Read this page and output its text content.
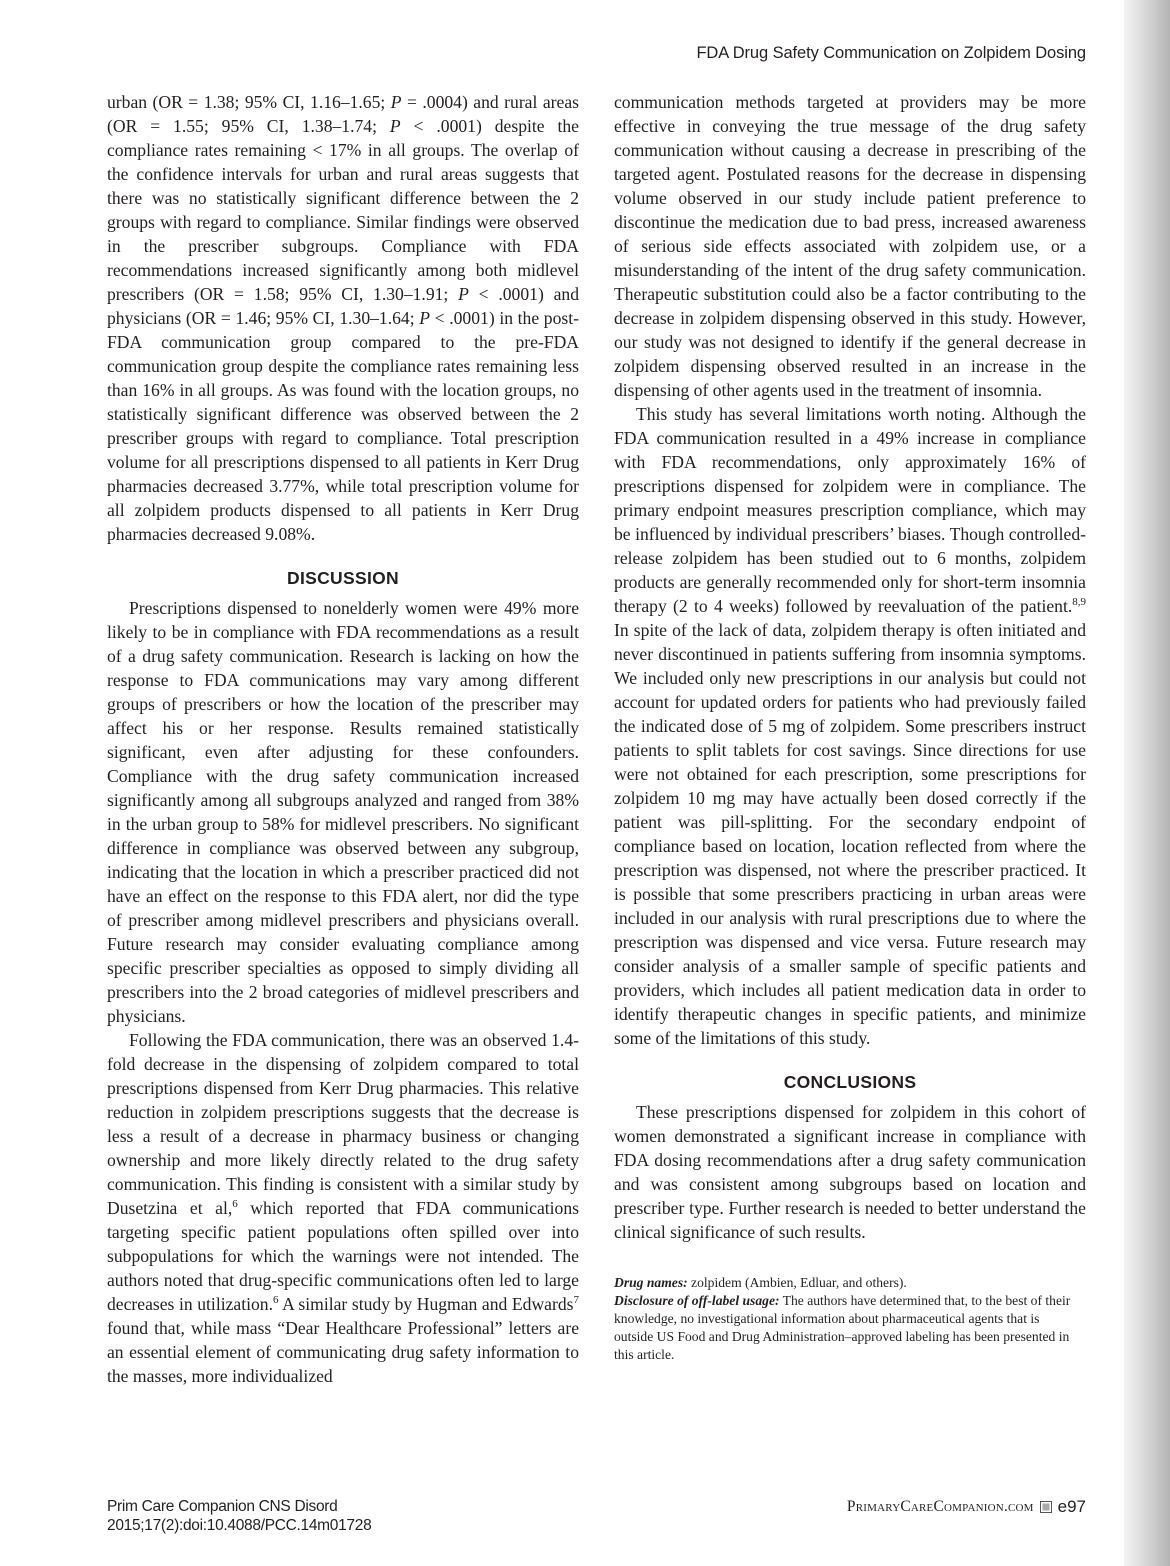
FDA Drug Safety Communication on Zolpidem Dosing

urban (OR = 1.38; 95% CI, 1.16–1.65; P = .0004) and rural areas (OR = 1.55; 95% CI, 1.38–1.74; P < .0001) despite the compliance rates remaining < 17% in all groups. The overlap of the confidence intervals for urban and rural areas suggests that there was no statistically significant difference between the 2 groups with regard to compliance. Similar findings were observed in the prescriber subgroups. Compliance with FDA recommendations increased significantly among both midlevel prescribers (OR = 1.58; 95% CI, 1.30–1.91; P < .0001) and physicians (OR = 1.46; 95% CI, 1.30–1.64; P < .0001) in the post-FDA communication group compared to the pre-FDA communication group despite the compliance rates remaining less than 16% in all groups. As was found with the location groups, no statistically significant difference was observed between the 2 prescriber groups with regard to compliance. Total prescription volume for all prescriptions dispensed to all patients in Kerr Drug pharmacies decreased 3.77%, while total prescription volume for all zolpidem products dispensed to all patients in Kerr Drug pharmacies decreased 9.08%.

DISCUSSION

Prescriptions dispensed to nonelderly women were 49% more likely to be in compliance with FDA recommendations as a result of a drug safety communication. Research is lacking on how the response to FDA communications may vary among different groups of prescribers or how the location of the prescriber may affect his or her response. Results remained statistically significant, even after adjusting for these confounders. Compliance with the drug safety communication increased significantly among all subgroups analyzed and ranged from 38% in the urban group to 58% for midlevel prescribers. No significant difference in compliance was observed between any subgroup, indicating that the location in which a prescriber practiced did not have an effect on the response to this FDA alert, nor did the type of prescriber among midlevel prescribers and physicians overall. Future research may consider evaluating compliance among specific prescriber specialties as opposed to simply dividing all prescribers into the 2 broad categories of midlevel prescribers and physicians.

Following the FDA communication, there was an observed 1.4-fold decrease in the dispensing of zolpidem compared to total prescriptions dispensed from Kerr Drug pharmacies. This relative reduction in zolpidem prescriptions suggests that the decrease is less a result of a decrease in pharmacy business or changing ownership and more likely directly related to the drug safety communication. This finding is consistent with a similar study by Dusetzina et al,$^6$ which reported that FDA communications targeting specific patient populations often spilled over into subpopulations for which the warnings were not intended. The authors noted that drug-specific communications often led to large decreases in utilization.$^6$ A similar study by Hugman and Edwards$^7$ found that, while mass “Dear Healthcare Professional” letters are an essential element of communicating drug safety information to the masses, more individualized

communication methods targeted at providers may be more effective in conveying the true message of the drug safety communication without causing a decrease in prescribing of the targeted agent. Postulated reasons for the decrease in dispensing volume observed in our study include patient preference to discontinue the medication due to bad press, increased awareness of serious side effects associated with zolpidem use, or a misunderstanding of the intent of the drug safety communication. Therapeutic substitution could also be a factor contributing to the decrease in zolpidem dispensing observed in this study. However, our study was not designed to identify if the general decrease in zolpidem dispensing observed resulted in an increase in the dispensing of other agents used in the treatment of insomnia.

This study has several limitations worth noting. Although the FDA communication resulted in a 49% increase in compliance with FDA recommendations, only approximately 16% of prescriptions dispensed for zolpidem were in compliance. The primary endpoint measures prescription compliance, which may be influenced by individual prescribers’ biases. Though controlled-release zolpidem has been studied out to 6 months, zolpidem products are generally recommended only for short-term insomnia therapy (2 to 4 weeks) followed by reevaluation of the patient.$^{8,9}$ In spite of the lack of data, zolpidem therapy is often initiated and never discontinued in patients suffering from insomnia symptoms. We included only new prescriptions in our analysis but could not account for updated orders for patients who had previously failed the indicated dose of 5 mg of zolpidem. Some prescribers instruct patients to split tablets for cost savings. Since directions for use were not obtained for each prescription, some prescriptions for zolpidem 10 mg may have actually been dosed correctly if the patient was pill-splitting. For the secondary endpoint of compliance based on location, location reflected from where the prescription was dispensed, not where the prescriber practiced. It is possible that some prescribers practicing in urban areas were included in our analysis with rural prescriptions due to where the prescription was dispensed and vice versa. Future research may consider analysis of a smaller sample of specific patients and providers, which includes all patient medication data in order to identify therapeutic changes in specific patients, and minimize some of the limitations of this study.

CONCLUSIONS

These prescriptions dispensed for zolpidem in this cohort of women demonstrated a significant increase in compliance with FDA dosing recommendations after a drug safety communication and was consistent among subgroups based on location and prescriber type. Further research is needed to better understand the clinical significance of such results.

Drug names: zolpidem (Ambien, Edluar, and others).

Disclosure of off-label usage: The authors have determined that, to the best of their knowledge, no investigational information about pharmaceutical agents that is outside US Food and Drug Administration–approved labeling has been presented in this article.

Prim Care Companion CNS Disord
2015;17(2):doi:10.4088/PCC.14m01728
PrimaryCareCompanion.com e97
